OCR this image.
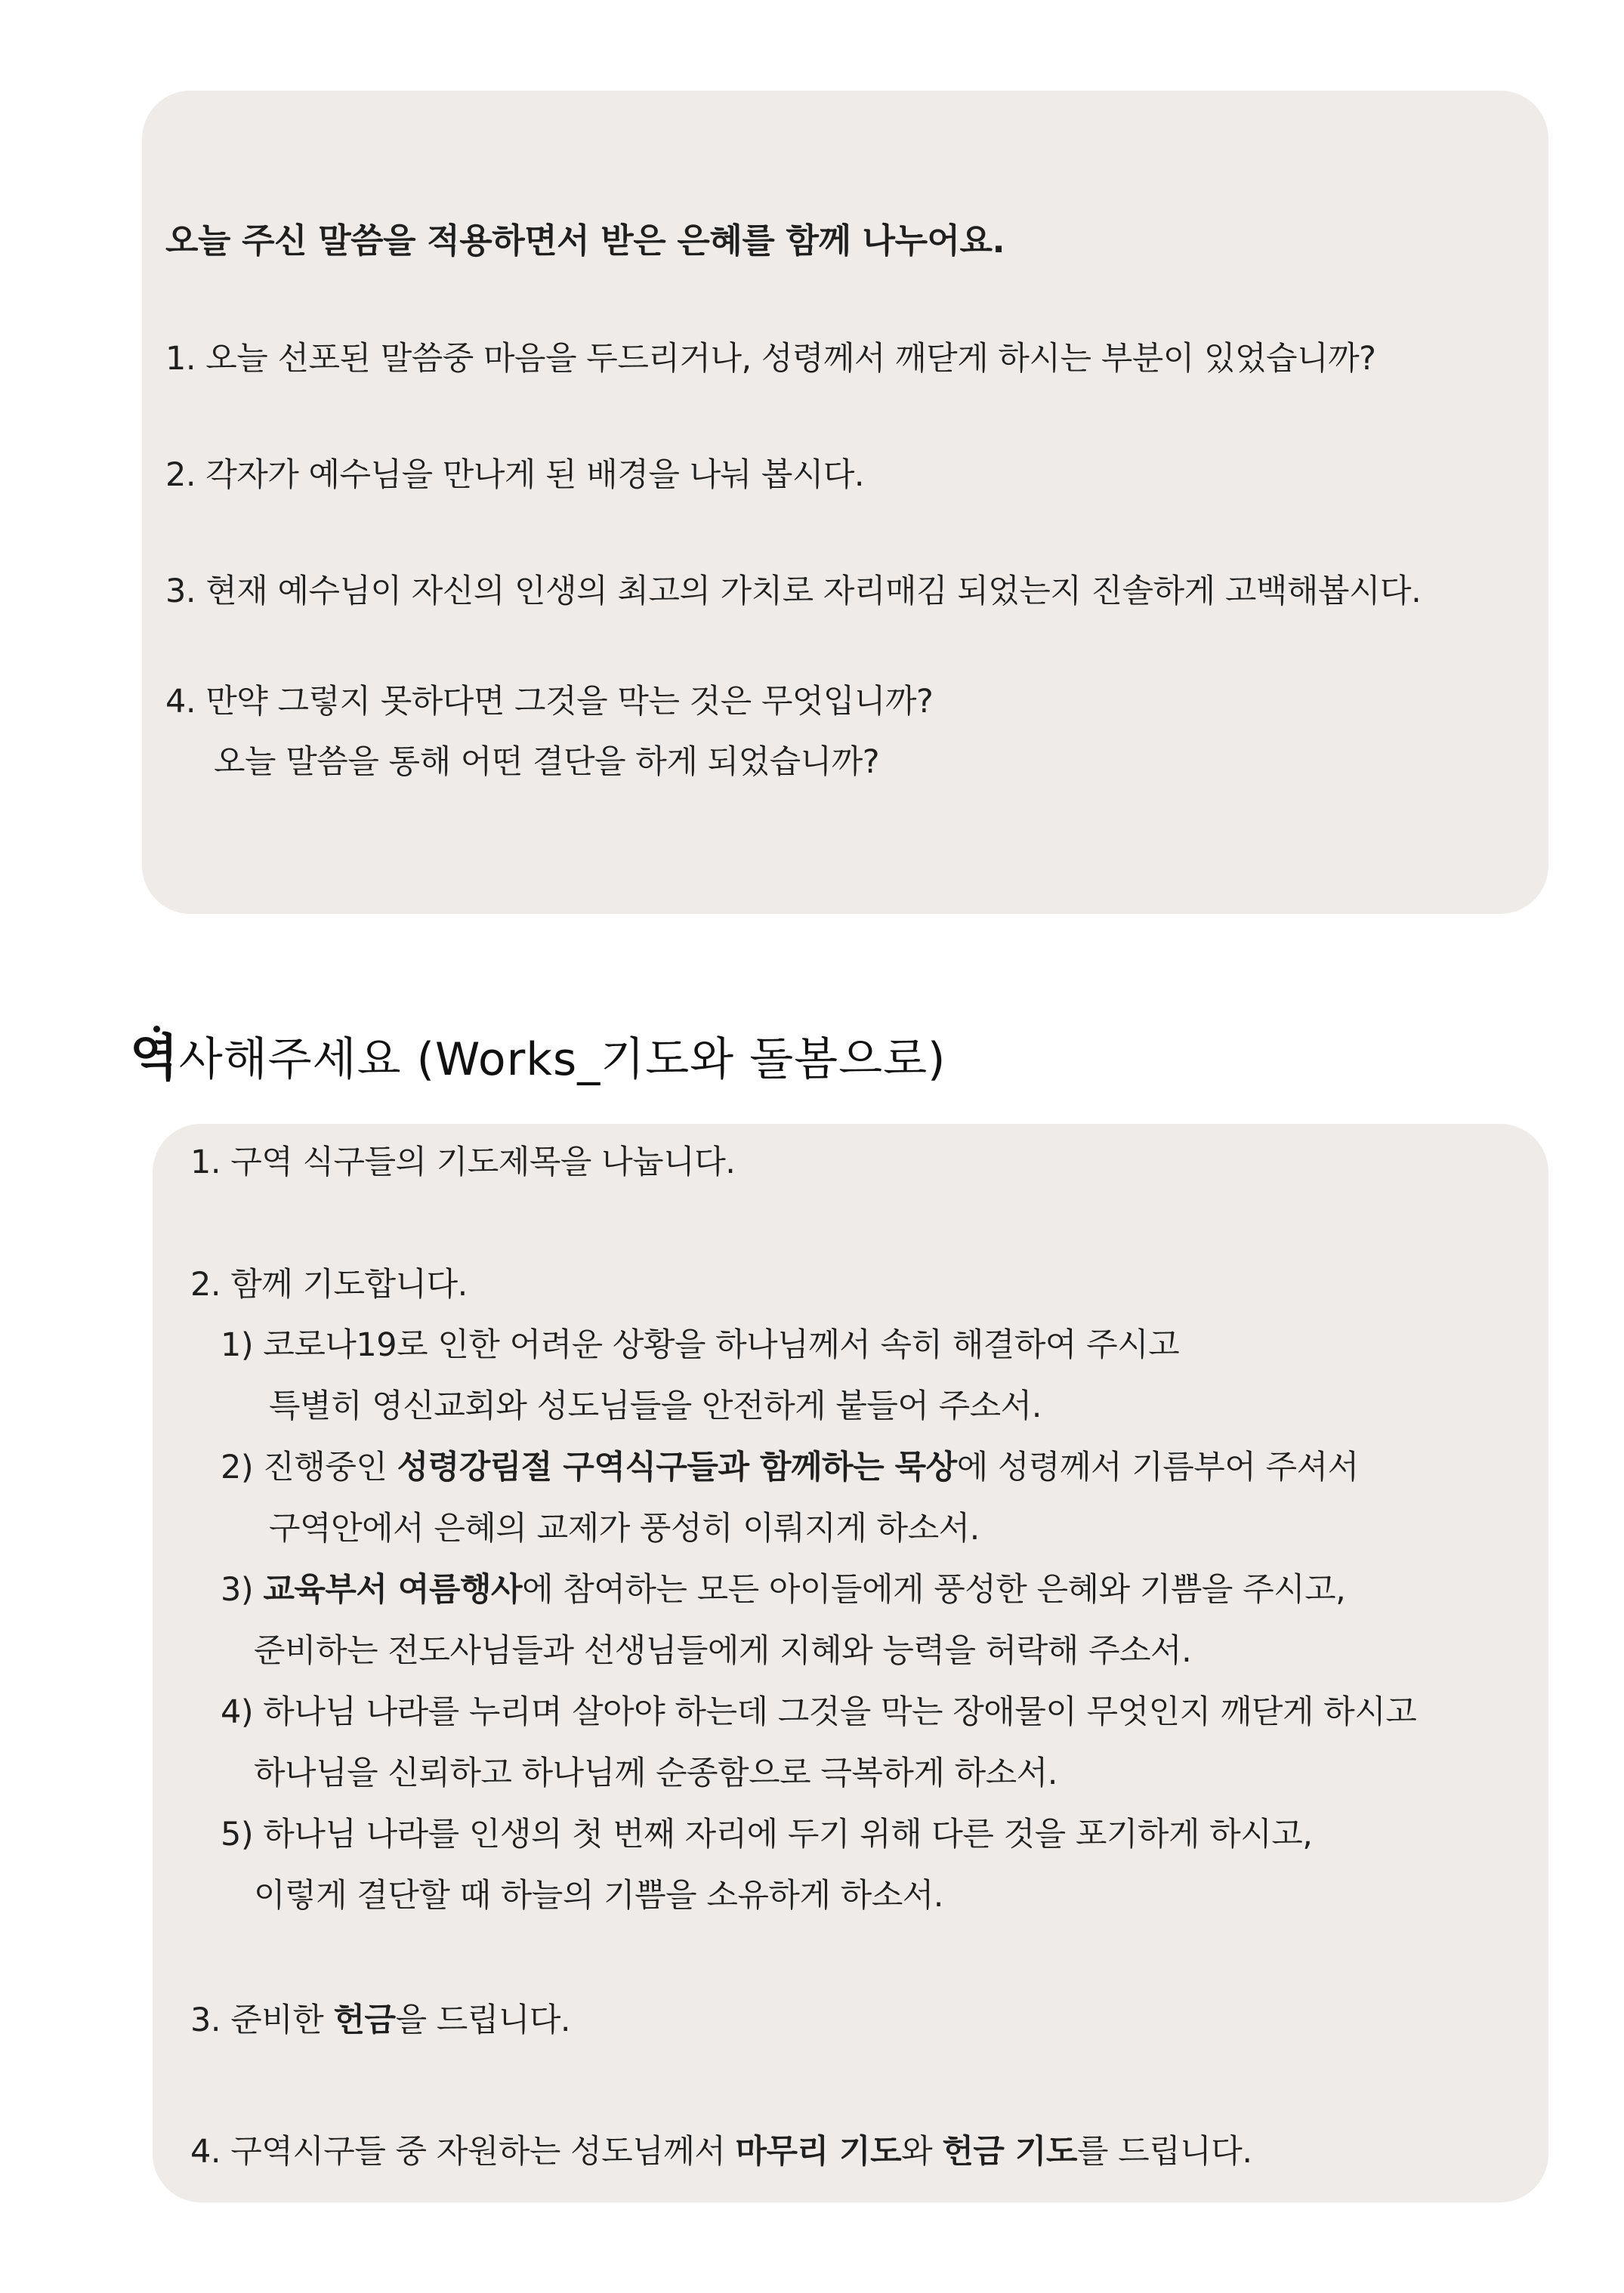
오늘 주신 말씀을 적용하면서 받은 은혜를 함께 나누어요.
1. 오늘 선포된 말씀중 마음을 두드리거나, 성령께서 깨닫게 하시는 부분이 있었습니까?
2. 각자가 예수님을 만나게 된 배경을 나눠 봅시다.
3. 현재 예수님이 자신의 인생의 최고의 가치로 자리매김 되었는지 진솔하게 고백해봅시다.
4. 만약 그렇지 못하다면 그것을 막는 것은 무엇입니까?
오늘 말씀을 통해 어떤 결단을 하게 되었습니까?
역사해주세요 (Works_기도와 돌봄으로)
1. 구역 식구들의 기도제목을 나눕니다.
2. 함께 기도합니다.
1) 코로나19로 인한 어려운 상황을 하나님께서 속히 해결하여 주시고
특별히 영신교회와 성도님들을 안전하게 붙들어 주소서.
2) 진행중인 성령강림절 구역식구들과 함께하는 묵상에 성령께서 기름부어 주셔서
구역안에서 은혜의 교제가 풍성히 이뤄지게 하소서.
3) 교육부서 여름행사에 참여하는 모든 아이들에게 풍성한 은혜와 기쁨을 주시고,
준비하는 전도사님들과 선생님들에게 지혜와 능력을 허락해 주소서.
4) 하나님 나라를 누리며 살아야 하는데 그것을 막는 장애물이 무엇인지 깨닫게 하시고
하나님을 신뢰하고 하나님께 순종함으로 극복하게 하소서.
5) 하나님 나라를 인생의 첫 번째 자리에 두기 위해 다른 것을 포기하게 하시고,
이렇게 결단할 때 하늘의 기쁨을 소유하게 하소서.
3. 준비한 헌금을 드립니다.
4. 구역시구들 중 자원하는 성도님께서 마무리 기도와 헌금 기도를 드립니다.
